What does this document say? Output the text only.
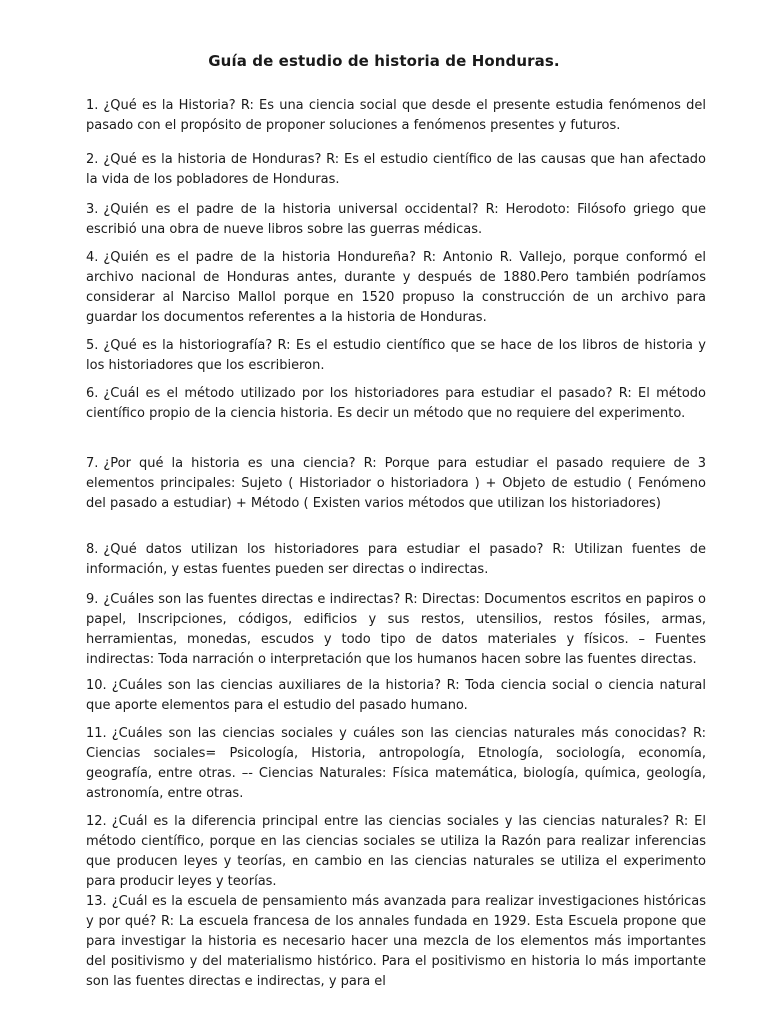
Guía de estudio de historia de Honduras.
1. ¿Qué es la Historia? R: Es una ciencia social que desde el presente estudia fenómenos del pasado con el propósito de proponer soluciones a fenómenos presentes y futuros.
2. ¿Qué es la historia de Honduras? R: Es el estudio científico de las causas que han afectado la vida de los pobladores de Honduras.
3. ¿Quién es el padre de la historia universal occidental? R: Herodoto: Filósofo griego que escribió una obra de nueve libros sobre las guerras médicas.
4. ¿Quién es el padre de la historia Hondureña? R: Antonio R. Vallejo, porque conformó el archivo nacional de Honduras antes, durante y después de 1880.Pero también podríamos considerar al Narciso Mallol porque en 1520 propuso la construcción de un archivo para guardar los documentos referentes a la historia de Honduras.
5. ¿Qué es la historiografía? R: Es el estudio científico que se hace de los libros de historia y los historiadores que los escribieron.
6. ¿Cuál es el método utilizado por los historiadores para estudiar el pasado? R: El método científico propio de la ciencia historia. Es decir un método que no requiere del experimento.
7. ¿Por qué la historia es una ciencia? R: Porque para estudiar el pasado requiere de 3 elementos principales: Sujeto ( Historiador o historiadora ) + Objeto de estudio ( Fenómeno del pasado a estudiar) + Método ( Existen varios métodos que utilizan los historiadores)
8. ¿Qué datos utilizan los historiadores para estudiar el pasado? R: Utilizan fuentes de información, y estas fuentes pueden ser directas o indirectas.
9. ¿Cuáles son las fuentes directas e indirectas? R: Directas: Documentos escritos en papiros o papel, Inscripciones, códigos, edificios y sus restos, utensilios, restos fósiles, armas, herramientas, monedas, escudos y todo tipo de datos materiales y físicos. – Fuentes indirectas: Toda narración o interpretación que los humanos hacen sobre las fuentes directas.
10. ¿Cuáles son las ciencias auxiliares de la historia? R: Toda ciencia social o ciencia natural que aporte elementos para el estudio del pasado humano.
11. ¿Cuáles son las ciencias sociales y cuáles son las ciencias naturales más conocidas? R: Ciencias sociales= Psicología, Historia, antropología, Etnología, sociología, economía, geografía, entre otras. –- Ciencias Naturales: Física matemática, biología, química, geología, astronomía, entre otras.
12. ¿Cuál es la diferencia principal entre las ciencias sociales y las ciencias naturales? R: El método científico, porque en las ciencias sociales se utiliza la Razón para realizar inferencias que producen leyes y teorías, en cambio en las ciencias naturales se utiliza el experimento para producir leyes y teorías.
13. ¿Cuál es la escuela de pensamiento más avanzada para realizar investigaciones históricas y por qué? R: La escuela francesa de los annales fundada en 1929. Esta Escuela propone que para investigar la historia es necesario hacer una mezcla de los elementos más importantes del positivismo y del materialismo histórico. Para el positivismo en historia lo más importante son las fuentes directas e indirectas, y para el
